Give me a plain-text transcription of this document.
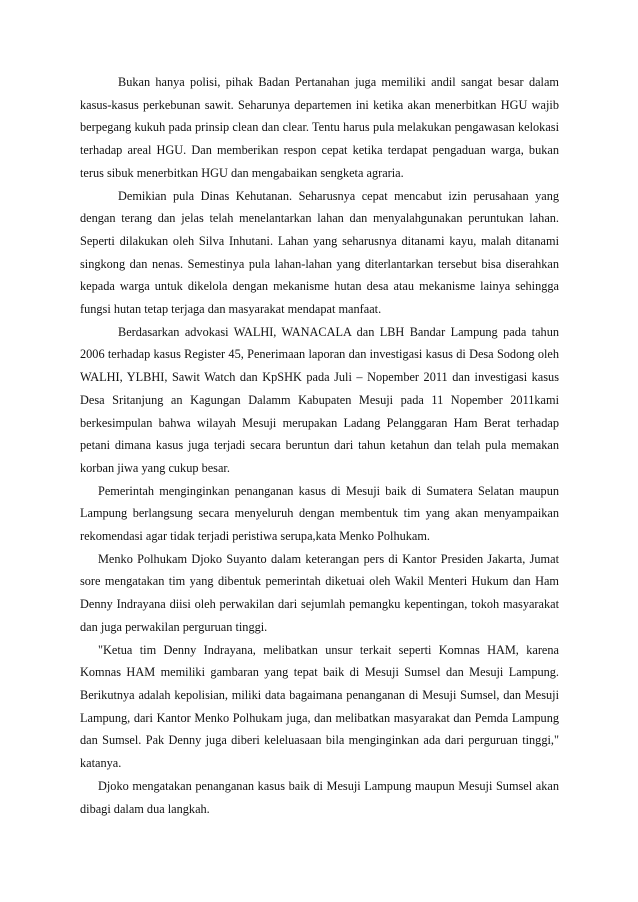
Bukan hanya polisi, pihak Badan Pertanahan juga memiliki andil sangat besar dalam kasus-kasus perkebunan sawit. Seharunya departemen ini ketika akan menerbitkan HGU wajib berpegang kukuh pada prinsip clean dan clear. Tentu harus pula melakukan pengawasan kelokasi terhadap areal HGU. Dan memberikan respon cepat ketika terdapat pengaduan warga, bukan terus sibuk menerbitkan HGU dan mengabaikan sengketa agraria.

Demikian pula Dinas Kehutanan. Seharusnya cepat mencabut izin perusahaan yang dengan terang dan jelas telah menelantarkan lahan dan menyalahgunakan peruntukan lahan. Seperti dilakukan oleh Silva Inhutani. Lahan yang seharusnya ditanami kayu, malah ditanami singkong dan nenas. Semestinya pula lahan-lahan yang diterlantarkan tersebut bisa diserahkan kepada warga untuk dikelola dengan mekanisme hutan desa atau mekanisme lainya sehingga fungsi hutan tetap terjaga dan masyarakat mendapat manfaat.

Berdasarkan advokasi WALHI, WANACALA dan LBH Bandar Lampung pada tahun 2006 terhadap kasus Register 45, Penerimaan laporan dan investigasi kasus di Desa Sodong oleh WALHI, YLBHI, Sawit Watch dan KpSHK pada Juli – Nopember 2011 dan investigasi kasus Desa Sritanjung an Kagungan Dalamm Kabupaten Mesuji pada 11 Nopember 2011kami berkesimpulan bahwa wilayah Mesuji merupakan Ladang Pelanggaran Ham Berat terhadap petani dimana kasus juga terjadi secara beruntun dari tahun ketahun dan telah pula memakan korban jiwa yang cukup besar.

Pemerintah menginginkan penanganan kasus di Mesuji baik di Sumatera Selatan maupun Lampung berlangsung secara menyeluruh dengan membentuk tim yang akan menyampaikan rekomendasi agar tidak terjadi peristiwa serupa,kata Menko Polhukam.

Menko Polhukam Djoko Suyanto dalam keterangan pers di Kantor Presiden Jakarta, Jumat sore mengatakan tim yang dibentuk pemerintah diketuai oleh Wakil Menteri Hukum dan Ham Denny Indrayana diisi oleh perwakilan dari sejumlah pemangku kepentingan, tokoh masyarakat dan juga perwakilan perguruan tinggi.

"Ketua tim Denny Indrayana, melibatkan unsur terkait seperti Komnas HAM, karena Komnas HAM memiliki gambaran yang tepat baik di Mesuji Sumsel dan Mesuji Lampung. Berikutnya adalah kepolisian, miliki data bagaimana penanganan di Mesuji Sumsel, dan Mesuji Lampung, dari Kantor Menko Polhukam juga, dan melibatkan masyarakat dan Pemda Lampung dan Sumsel. Pak Denny juga diberi keleluasaan bila menginginkan ada dari perguruan tinggi," katanya.

Djoko mengatakan penanganan kasus baik di Mesuji Lampung maupun Mesuji Sumsel akan dibagi dalam dua langkah.
